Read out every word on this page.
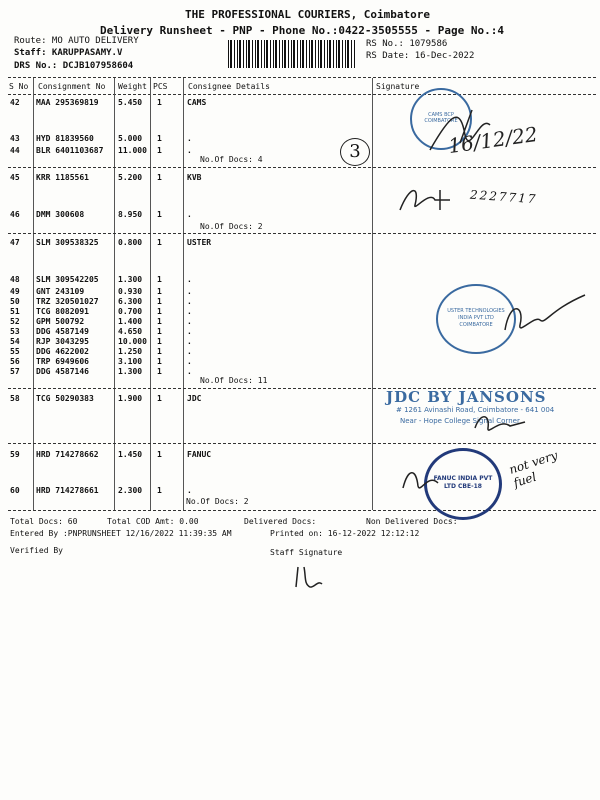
THE PROFESSIONAL COURIERS, Coimbatore
Delivery Runsheet - PNP - Phone No.:0422-3505555 - Page No.:4
Route: MO AUTO DELIVERY
Staff: KARUPPASAMY.V
DRS No.: DCJB107958604
RS No.: 1079586
RS Date: 16-Dec-2022
S No Consignment No Weight PCS	Consignee Details	Signature
42 MAA 295369819 5.450 1	CAMS
43 HYD 81839560	5.000 1	.
44 BLR 6401103687 11.000 1	.
45 KRR 1185561	5.200 1	KVB
46 DMM 300608	8.950 1	.
47 SLM 309538325 0.800 1	USTER
48 SLM 309542205 1.300 1	.
49 GNT 243109	0.930 1	.
50 TRZ 320501027 6.300 1	.
51 TCG 8082091	0.700 1	.
52 GPM 500792	1.400 1	.
53 DDG 4587149	4.650 1	.
54 RJP 3043295	10.000 1	.
55 DDG 4622002	1.250 1	.
56 TRP 6949606	3.100 1	.
57 DDG 4587146	1.300 1	.
58 TCG 50290383	1.900 1	JDC
59 HRD 714278662 1.450 1	FANUC
60 HRD 714278661 2.300 1	.
No.Of Docs: 4
No.Of Docs: 2
No.Of Docs: 11
No.Of Docs: 2
CAMS BCP COIMBATORE
16/12/22
3
2227717
USTER TECHNOLOGIES INDIA PVT LTD COIMBATORE
JDC BY JANSONS
# 1261 Avinashi Road, Coimbatore - 641 004
Near - Hope College Signal Corner
FANUC INDIA PVT LTD CBE-18
not very fuel
Total Docs: 60	Total COD Amt: 0.00	Delivered Docs:	Non Delivered Docs:
Entered By :PNPRUNSHEET 12/16/2022 11:39:35 AM	Printed on: 16-12-2022 12:12:12
Verified By	Staff Signature
